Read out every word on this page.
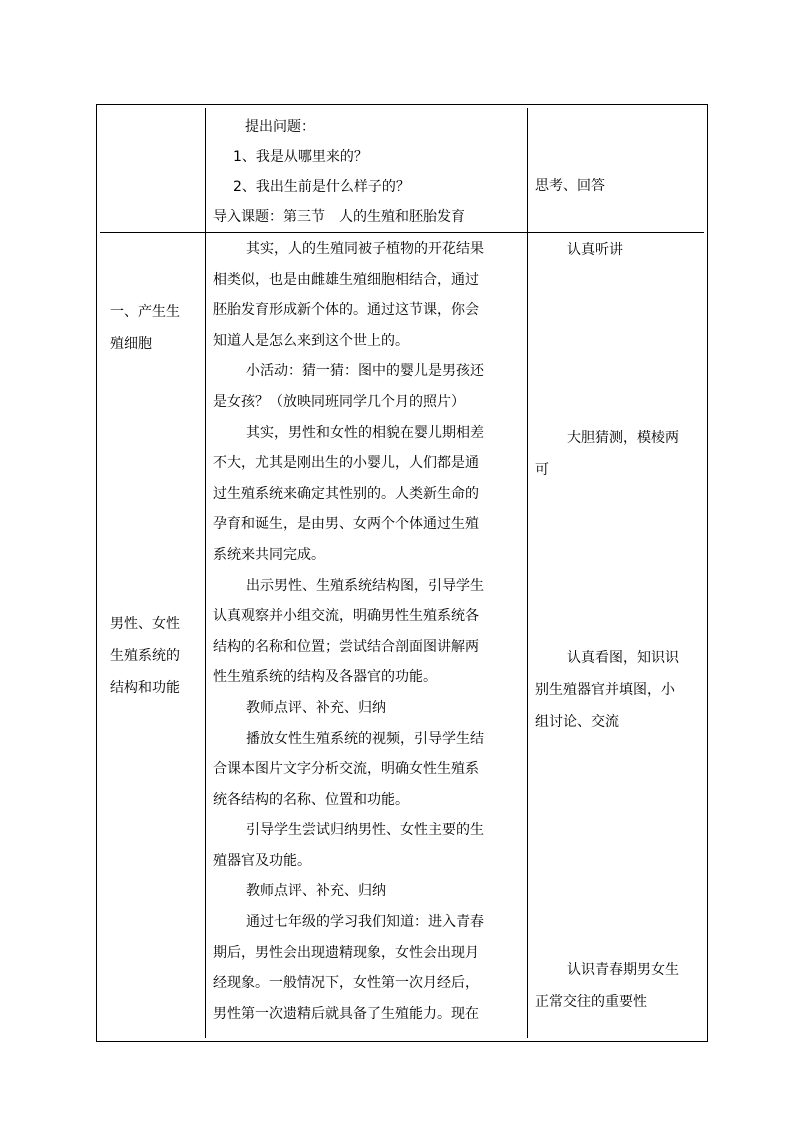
提出问题：

1、我是从哪里来的？

2、我出生前是什么样子的？

导入课题：第三节　人的生殖和胚胎发育

思考、回答

一、产生生

殖细胞

男性、女性

生殖系统的

结构和功能

其实，人的生殖同被子植物的开花结果

相类似，也是由雌雄生殖细胞相结合，通过

胚胎发育形成新个体的。通过这节课，你会

知道人是怎么来到这个世上的。

小活动：猜一猜：图中的婴儿是男孩还

是女孩？（放映同班同学几个月的照片）

其实，男性和女性的相貌在婴儿期相差

不大，尤其是刚出生的小婴儿，人们都是通

过生殖系统来确定其性别的。人类新生命的

孕育和诞生，是由男、女两个个体通过生殖

系统来共同完成。

出示男性、生殖系统结构图，引导学生

认真观察并小组交流，明确男性生殖系统各

结构的名称和位置；尝试结合剖面图讲解两

性生殖系统的结构及各器官的功能。

教师点评、补充、归纳

播放女性生殖系统的视频，引导学生结

合课本图片文字分析交流，明确女性生殖系

统各结构的名称、位置和功能。

引导学生尝试归纳男性、女性主要的生

殖器官及功能。

教师点评、补充、归纳

通过七年级的学习我们知道：进入青春

期后，男性会出现遗精现象，女性会出现月

经现象。一般情况下，女性第一次月经后，

男性第一次遗精后就具备了生殖能力。现在

认真听讲

大胆猜测，模棱两

可

认真看图，知识识

别生殖器官并填图，小

组讨论、交流

认识青春期男女生

正常交往的重要性
